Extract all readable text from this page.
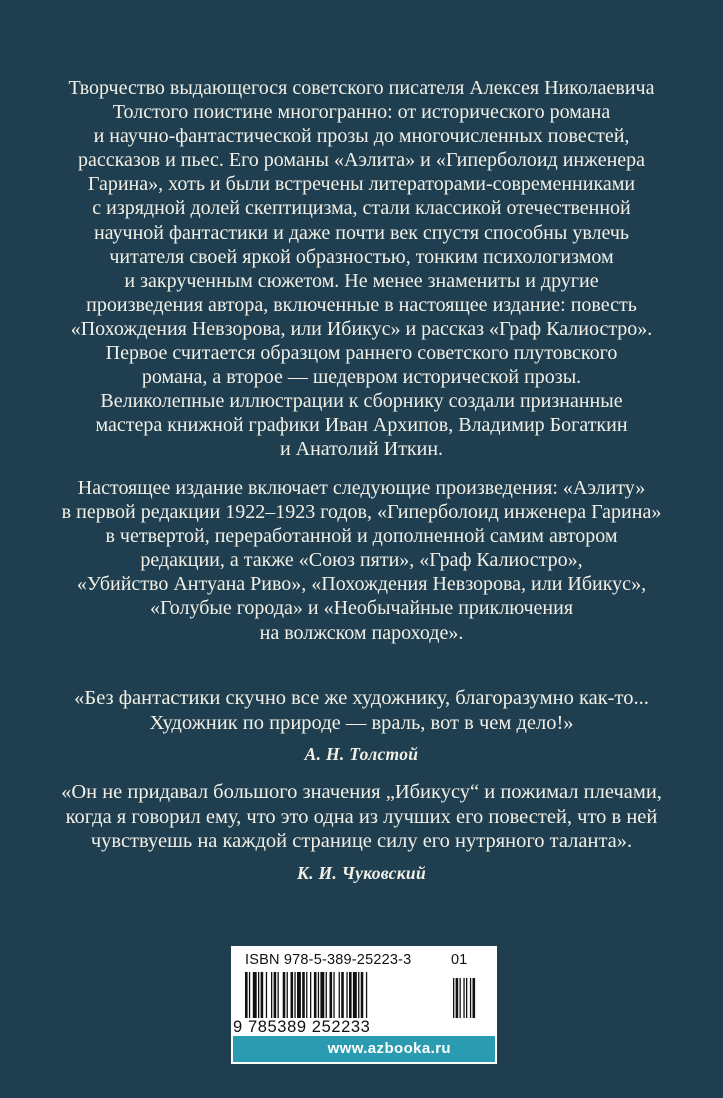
Творчество выдающегося советского писателя Алексея Николаевича
Толстого поистине многогранно: от исторического романа
и научно-фантастической прозы до многочисленных повестей,
рассказов и пьес. Его романы «Аэлита» и «Гиперболоид инженера
Гарина», хоть и были встречены литераторами-современниками
с изрядной долей скептицизма, стали классикой отечественной
научной фантастики и даже почти век спустя способны увлечь
читателя своей яркой образностью, тонким психологизмом
и закрученным сюжетом. Не менее знамениты и другие
произведения автора, включенные в настоящее издание: повесть
«Похождения Невзорова, или Ибикус» и рассказ «Граф Калиостро».
Первое считается образцом раннего советского плутовского
романа, а второе — шедевром исторической прозы.
Великолепные иллюстрации к сборнику создали признанные
мастера книжной графики Иван Архипов, Владимир Богаткин
и Анатолий Иткин.
Настоящее издание включает следующие произведения: «Аэлиту»
в первой редакции 1922–1923 годов, «Гиперболоид инженера Гарина»
в четвертой, переработанной и дополненной самим автором
редакции, а также «Союз пяти», «Граф Калиостро»,
«Убийство Антуана Риво», «Похождения Невзорова, или Ибикус»,
«Голубые города» и «Необычайные приключения
на волжском пароходе».
«Без фантастики скучно все же художнику, благоразумно как-то...
Художник по природе — враль, вот в чем дело!»
А. Н. Толстой
«Он не придавал большого значения „Ибикусу“ и пожимал плечами,
когда я говорил ему, что это одна из лучших его повестей, что в ней
чувствуешь на каждой странице силу его нутряного таланта».
К. И. Чуковский
ISBN 978-5-389-25223-3	01
9 785389 252233
www.azbooka.ru
